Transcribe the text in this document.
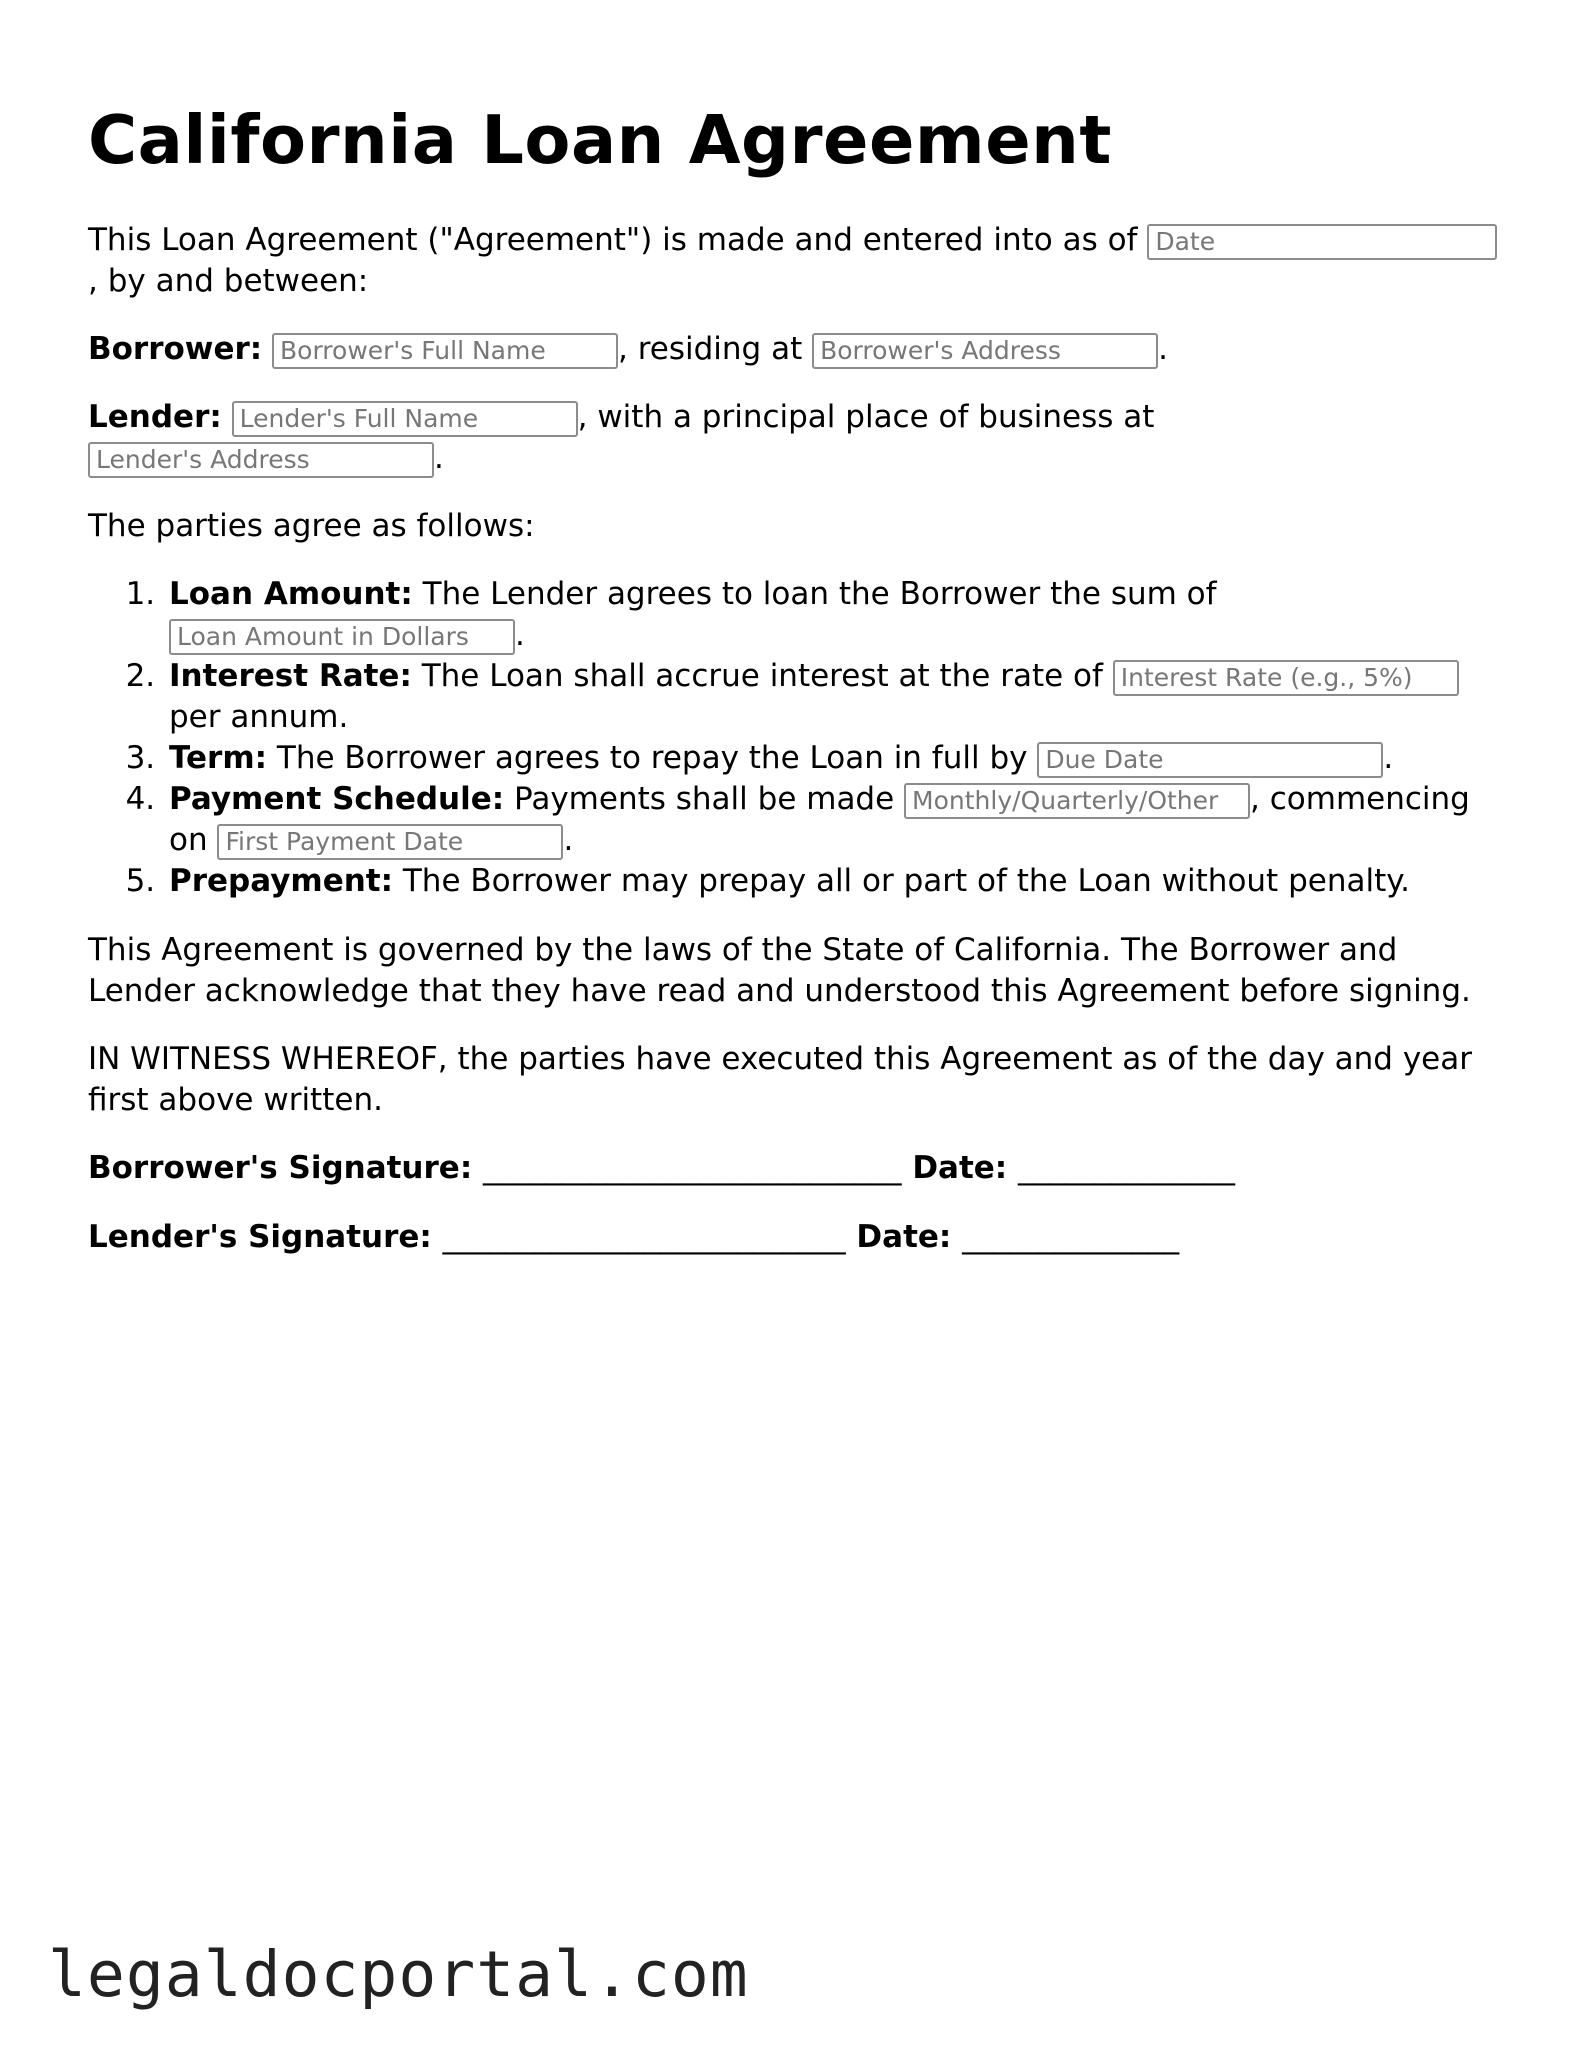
California Loan Agreement

This Loan Agreement ("Agreement") is made and entered into as of Date
, by and between:

Borrower: Borrower's Full Name , residing at Borrower's Address	.

Lender: Lender's Full Name	, with a principal place of business at
Lender's Address	.

The parties agree as follows:

1. Loan Amount: The Lender agrees to loan the Borrower the sum of Loan Amount in Dollars .
2. Interest Rate: The Loan shall accrue interest at the rate of Interest Rate (e.g., 5%) per annum.
3. Term: The Borrower agrees to repay the Loan in full by Due Date	.
4. Payment Schedule: Payments shall be made Monthly/Quarterly/Other , commencing on First Payment Date	.
5. Prepayment: The Borrower may prepay all or part of the Loan without penalty.

This Agreement is governed by the laws of the State of California. The Borrower and Lender acknowledge that they have read and understood this Agreement before signing.

IN WITNESS WHEREOF, the parties have executed this Agreement as of the day and year first above written.

Borrower's Signature: ___________________________ Date: ______________
Lender's Signature: __________________________ Date: ______________
legaldocportal.com
